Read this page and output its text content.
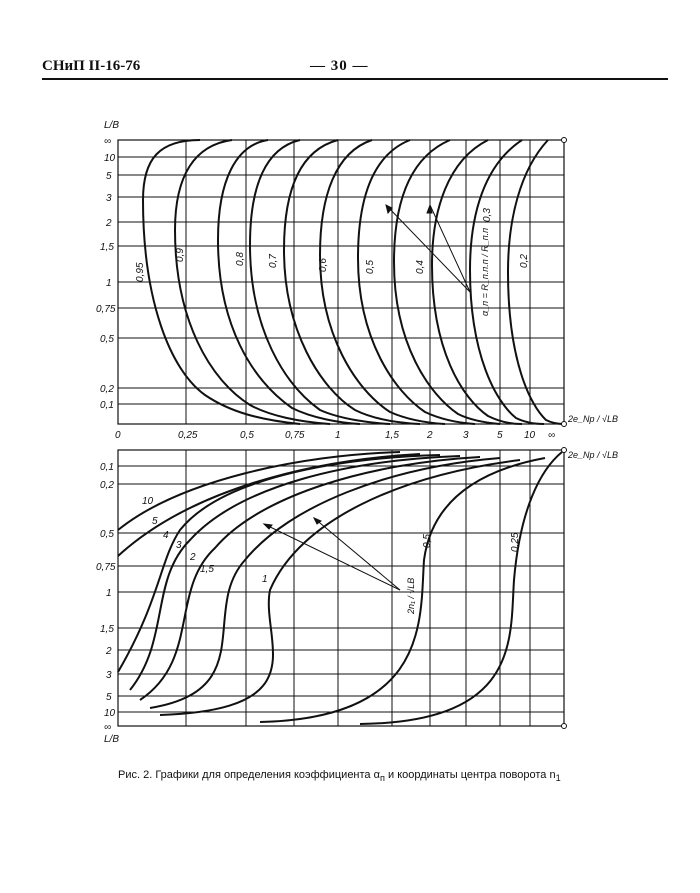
СНиП II-16-76	— 30 —
L/B
∞
10
5
3
2
1,5
1
0,75
0,5
0,2
0,1
0	0,25	0,5	0,75	1	1,5	2	3	5 10 ∞
2e_Np / √LB
0,95
0,9	0,8 0,7	0,6	0,5	0,4
0,3
0,2
α_п = R_п.п.п / R_п.п
2e_Np / √LB
0,1
0,2
0,5
0,75
1
1,5
2
3
5
10
∞
L/B
10
5
4
3
2
1,5
1
0,5	0,25
2n₁ / √LB
Рис. 2. Графики для определения коэффициента $\alpha_п$ и координаты центра поворота $n_1$
